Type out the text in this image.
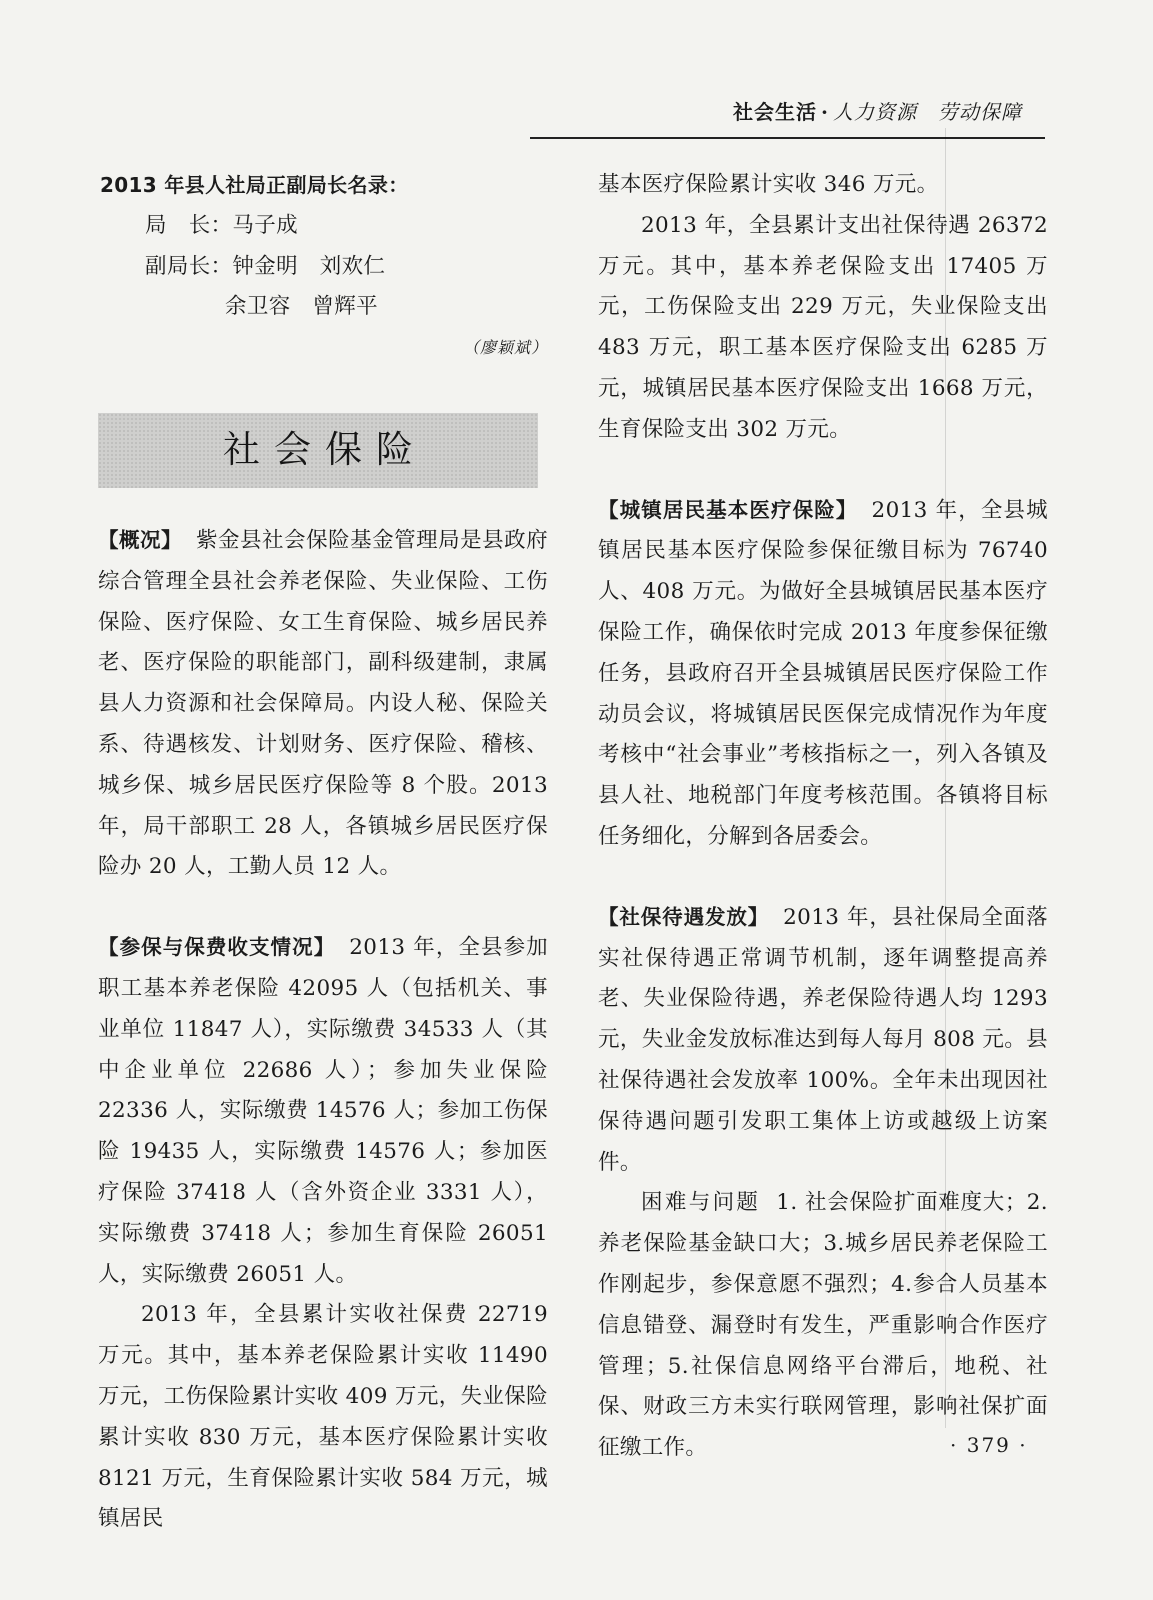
社会生活 · 人力资源　劳动保障
2013 年县人社局正副局长名录：
局　长：马子成
副局长：钟金明　刘欢仁
余卫容　曾辉平
（廖颖斌）
社会保险
【概况】 紫金县社会保险基金管理局是县政府综合管理全县社会养老保险、失业保险、工伤保险、医疗保险、女工生育保险、城乡居民养老、医疗保险的职能部门，副科级建制，隶属县人力资源和社会保障局。内设人秘、保险关系、待遇核发、计划财务、医疗保险、稽核、城乡保、城乡居民医疗保险等 8 个股。2013 年，局干部职工 28 人，各镇城乡居民医疗保险办 20 人，工勤人员 12 人。
【参保与保费收支情况】 2013 年，全县参加职工基本养老保险 42095 人（包括机关、事业单位 11847 人），实际缴费 34533 人（其中企业单位 22686 人）；参加失业保险 22336 人，实际缴费 14576 人；参加工伤保险 19435 人，实际缴费 14576 人；参加医疗保险 37418 人（含外资企业 3331 人），实际缴费 37418 人；参加生育保险 26051 人，实际缴费 26051 人。
2013 年，全县累计实收社保费 22719 万元。其中，基本养老保险累计实收 11490 万元，工伤保险累计实收 409 万元，失业保险累计实收 830 万元，基本医疗保险累计实收 8121 万元，生育保险累计实收 584 万元，城镇居民
基本医疗保险累计实收 346 万元。
2013 年，全县累计支出社保待遇 26372 万元。其中，基本养老保险支出 17405 万元，工伤保险支出 229 万元，失业保险支出 483 万元，职工基本医疗保险支出 6285 万元，城镇居民基本医疗保险支出 1668 万元，生育保险支出 302 万元。
【城镇居民基本医疗保险】 2013 年，全县城镇居民基本医疗保险参保征缴目标为 76740 人、408 万元。为做好全县城镇居民基本医疗保险工作，确保依时完成 2013 年度参保征缴任务，县政府召开全县城镇居民医疗保险工作动员会议，将城镇居民医保完成情况作为年度考核中“社会事业”考核指标之一，列入各镇及县人社、地税部门年度考核范围。各镇将目标任务细化，分解到各居委会。
【社保待遇发放】 2013 年，县社保局全面落实社保待遇正常调节机制，逐年调整提高养老、失业保险待遇，养老保险待遇人均 1293 元，失业金发放标准达到每人每月 808 元。县社保待遇社会发放率 100%。全年未出现因社保待遇问题引发职工集体上访或越级上访案件。
困难与问题 1. 社会保险扩面难度大；2.养老保险基金缺口大；3.城乡居民养老保险工作刚起步，参保意愿不强烈；4.参合人员基本信息错登、漏登时有发生，严重影响合作医疗管理；5.社保信息网络平台滞后，地税、社保、财政三方未实行联网管理，影响社保扩面征缴工作。	· 379 ·
